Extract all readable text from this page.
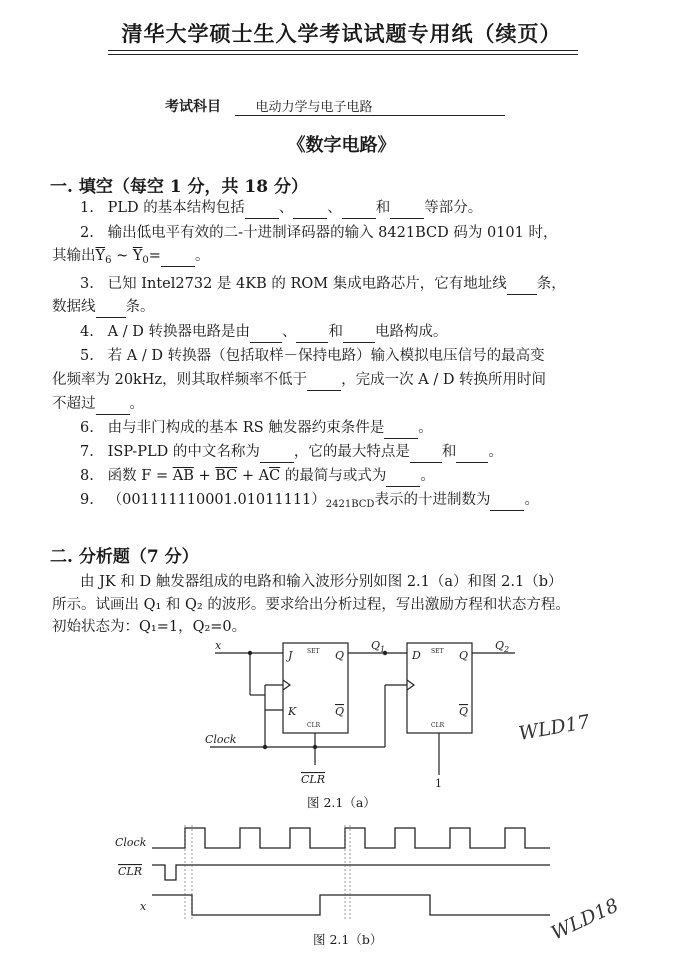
清华大学硕士生入学考试试题专用纸（续页）
考试科目	电动力学与电子电路
《数字电路》
一. 填空（每空 1 分，共 18 分）
1. PLD 的基本结构包括 、 、 和 等部分。
2. 输出低电平有效的二-十进制译码器的输入 8421BCD 码为 0101 时，
其输出$\overline{Y}_6$ ~ $\overline{Y}_0=$ 。
3. 已知 Intel2732 是 4KB 的 ROM 集成电路芯片，它有地址线 条，
数据线 条。
4. A / D 转换器电路是由 、 和 电路构成。
5. 若 A / D 转换器（包括取样－保持电路）输入模拟电压信号的最高变
化频率为 20kHz，则其取样频率不低于 ，完成一次 A / D 转换所用时间
不超过 。
6. 由与非门构成的基本 RS 触发器约束条件是 。
7. ISP-PLD 的中文名称为 ，它的最大特点是 和 。
8. 函数 $F = \overline{AB} + \overline{BC} + A\overline{C}$ 的最简与或式为 。
9. $(001111110001.01011111)_{2421BCD}$表示的十进制数为 。
二. 分析题（7 分）
由 JK 和 D 触发器组成的电路和输入波形分别如图 2.1（a）和图 2.1（b）
所示。试画出 Q₁ 和 Q₂ 的波形。要求给出分析过程，写出激励方程和状态方程。
初始状态为：Q₁=1，Q₂=0。
x
Clock
CLR	1
J
K
D
Q
Q
Q
Q
$Q_1$	$Q_2$
SET
CLR
SET
CLR
图 2.1（a）
Clock
CLR
x
图 2.1（b）
WLD17
WLD18
